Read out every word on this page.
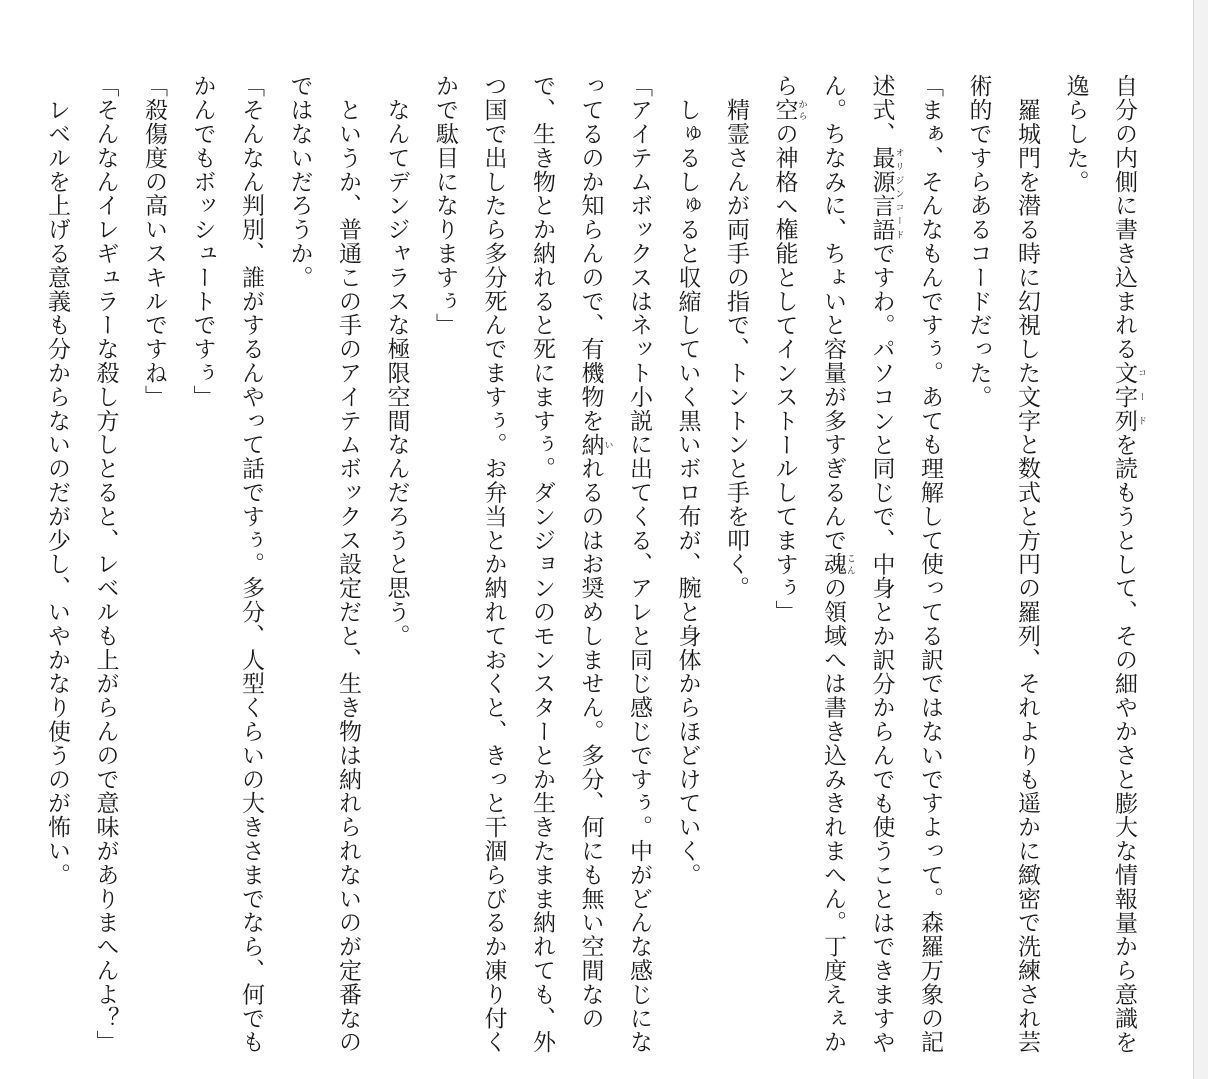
自分の内側に書き込まれる文字列 コードを読もうとして、その細やかさと膨大な情報量から意識を逸らした。

　羅城門を潜る時に幻視した文字と数式と方円の羅列、それよりも遥かに緻密で洗練され芸術的ですらあるコードだった。

「まぁ、そんなもんですぅ。あても理解して使ってる訳ではないですよって。森羅万象の記述式、最源言語 オリジンコードですわ。パソコンと同じで、中身とか訳分からんでも使うことはできますやん。ちなみに、ちょいと容量が多すぎるんで魂 こんの領域へは書き込みきれまへん。丁度えぇから空 からの神格へ権能としてインストールしてますぅ」

　精霊さんが両手の指で、トントンと手を叩く。

　しゅるしゅると収縮していく黒いボロ布が、腕と身体からほどけていく。

「アイテムボックスはネット小説に出てくる、アレと同じ感じですぅ。中がどんな感じになってるのか知らんので、有機物を納 いれるのはお奨めしません。多分、何にも無い空間なので、生き物とか納れると死にますぅ。ダンジョンのモンスターとか生きたまま納れても、外つ国で出したら多分死んでますぅ。お弁当とか納れておくと、きっと干涸らびるか凍り付くかで駄目になりますぅ」

　なんてデンジャラスな極限空間なんだろうと思う。

　というか、普通この手のアイテムボックス設定だと、生き物は納れられないのが定番なのではないだろうか。

「そんなん判別、誰がするんやって話ですぅ。多分、人型くらいの大きさまでなら、何でもかんでもボッシュートですぅ」

「殺傷度の高いスキルですね」

「そんなんイレギュラーな殺し方しとると、レベルも上がらんので意味がありまへんよ？」

　レベルを上げる意義も分からないのだが少し、いやかなり使うのが怖い。
